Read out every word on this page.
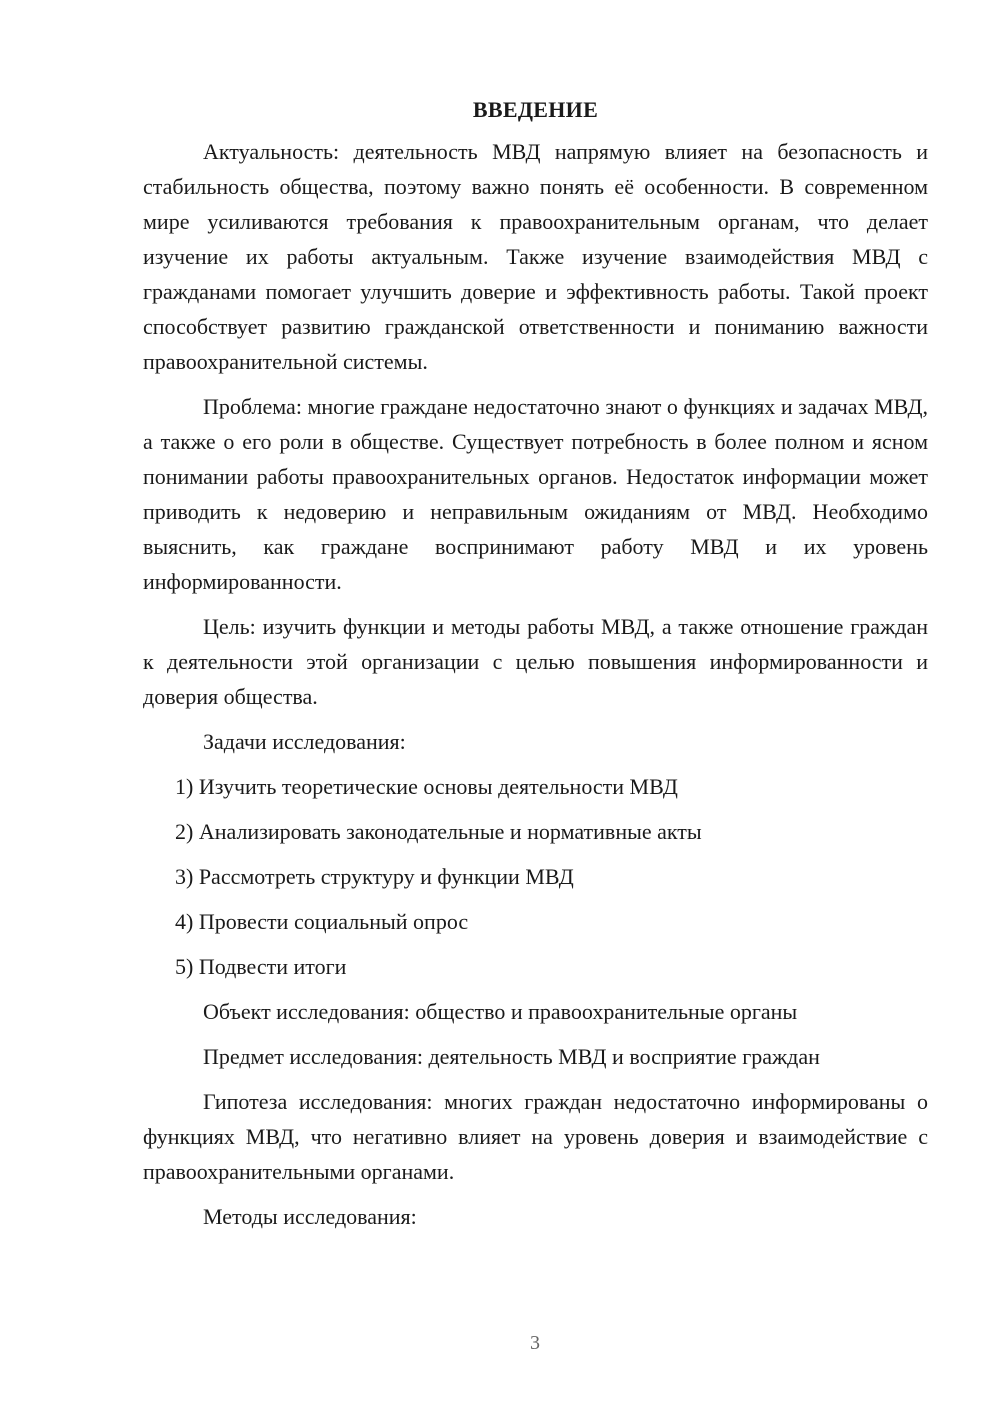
ВВЕДЕНИЕ

Актуальность: деятельность МВД напрямую влияет на безопасность и стабильность общества, поэтому важно понять её особенности. В современном мире усиливаются требования к правоохранительным органам, что делает изучение их работы актуальным. Также изучение взаимодействия МВД с гражданами помогает улучшить доверие и эффективность работы. Такой проект способствует развитию гражданской ответственности и пониманию важности правоохранительной системы.

Проблема: многие граждане недостаточно знают о функциях и задачах МВД, а также о его роли в обществе. Существует потребность в более полном и ясном понимании работы правоохранительных органов. Недостаток информации может приводить к недоверию и неправильным ожиданиям от МВД. Необходимо выяснить, как граждане воспринимают работу МВД и их уровень информированности.

Цель: изучить функции и методы работы МВД, а также отношение граждан к деятельности этой организации с целью повышения информированности и доверия общества.

Задачи исследования:
1) Изучить теоретические основы деятельности МВД
2) Анализировать законодательные и нормативные акты
3) Рассмотреть структуру и функции МВД
4) Провести социальный опрос
5) Подвести итоги
Объект исследования: общество и правоохранительные органы
Предмет исследования: деятельность МВД и восприятие граждан

Гипотеза исследования: многих граждан недостаточно информированы о функциях МВД, что негативно влияет на уровень доверия и взаимодействие с правоохранительными органами.

Методы исследования:
3
